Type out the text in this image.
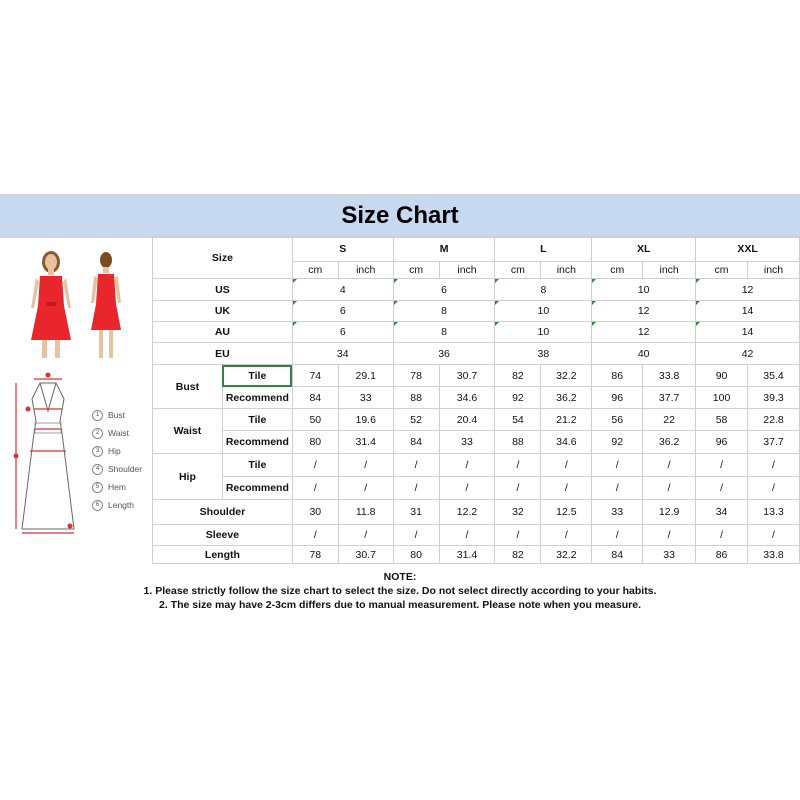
Size Chart
1	Bust
2	Waist
3	Hip
4	Shoulder
5	Hem
6	Length
Size		S		M		L		XL		XXL	
		cm	inch	cm	inch	cm	inch	cm	inch	cm	inch
US		4		6		8		10		12	
UK		6		8		10		12		14	
AU		6		8		10		12		14	
EU		34		36		38		40		42	
Bust	Tile	74	29.1	78	30.7	82	32.2	86	33.8	90	35.4
	Recommend	84	33	88	34.6	92	36.2	96	37.7	100	39.3
Waist	Tile	50	19.6	52	20.4	54	21.2	56	22	58	22.8
	Recommend	80	31.4	84	33	88	34.6	92	36.2	96	37.7
Hip	Tile	/	/	/	/	/	/	/	/	/	/
	Recommend	/	/	/	/	/	/	/	/	/	/
Shoulder		30	11.8	31	12.2	32	12.5	33	12.9	34	13.3
Sleeve		/	/	/	/	/	/	/	/	/	/
Length		78	30.7	80	31.4	82	32.2	84	33	86	33.8
NOTE:
1. Please strictly follow the size chart to select the size. Do not select directly according to your habits.
2. The size may have 2-3cm differs due to manual measurement. Please note when you measure.
